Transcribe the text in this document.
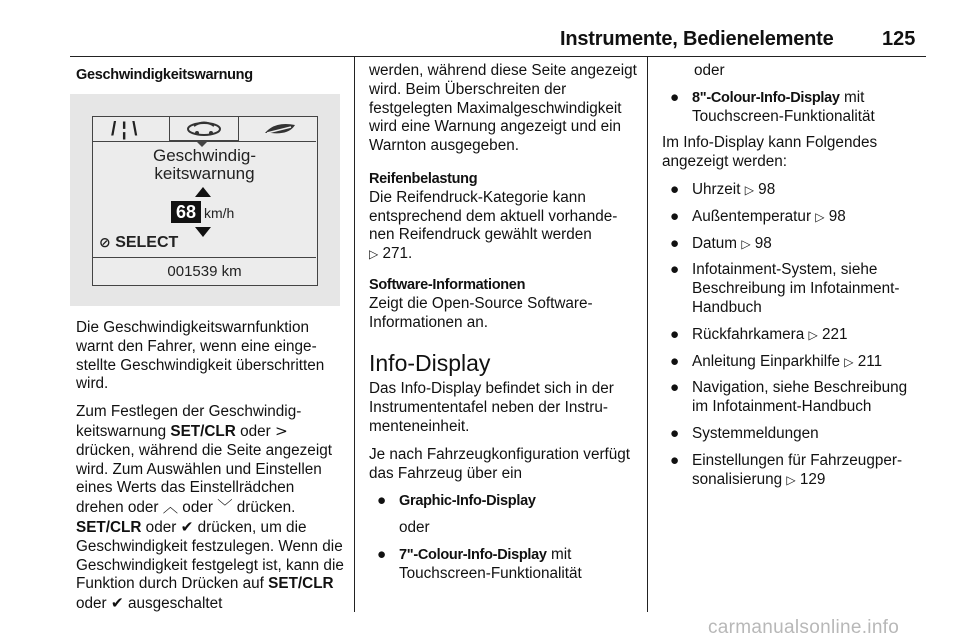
Instrumente, Bedienelemente 125
Geschwindigkeitswarnung
/ ¦ \
Geschwindig-
keitswarnung
68 km/h
⊘ SELECT
001539 km

Die Geschwindigkeitswarnfunktion warnt den Fahrer, wenn eine eingestellte Geschwindigkeit überschritten wird.

Zum Festlegen der Geschwindigkeitswarnung SET/CLR oder > drücken, während die Seite angezeigt wird. Zum Auswählen und Einstellen eines Werts das Einstellrädchen drehen oder ︿ oder ﹀ drücken. SET/CLR oder ✔ drücken, um die Geschwindigkeit festzulegen. Wenn die Geschwindigkeit festgelegt ist, kann die Funktion durch Drücken auf SET/CLR oder ✔ ausgeschaltet

werden, während diese Seite angezeigt wird. Beim Überschreiten der festgelegten Maximalgeschwindigkeit wird eine Warnung angezeigt und ein Warnton ausgegeben.

Reifenbelastung

Die Reifendruck-Kategorie kann entsprechend dem aktuell vorhandenen Reifendruck gewählt werden
▷ 271.

Software-Informationen

Zeigt die Open-Source Software-Informationen an.

Info-Display

Das Info-Display befindet sich in der Instrumententafel neben der Instrumenteneinheit.

Je nach Fahrzeugkonfiguration verfügt das Fahrzeug über ein

● Graphic-Info-Display
oder
● 7"-Colour-Info-Display mit Touchscreen-Funktionalität
oder
● 8"-Colour-Info-Display mit Touchscreen-Funktionalität

Im Info-Display kann Folgendes angezeigt werden:

● Uhrzeit ▷ 98
● Außentemperatur ▷ 98
● Datum ▷ 98
● Infotainment-System, siehe Beschreibung im Infotainment-Handbuch
● Rückfahrkamera ▷ 221
● Anleitung Einparkhilfe ▷ 211
● Navigation, siehe Beschreibung im Infotainment-Handbuch
● Systemmeldungen
● Einstellungen für Fahrzeugpersonalisierung ▷ 129
carmanualsonline.info
